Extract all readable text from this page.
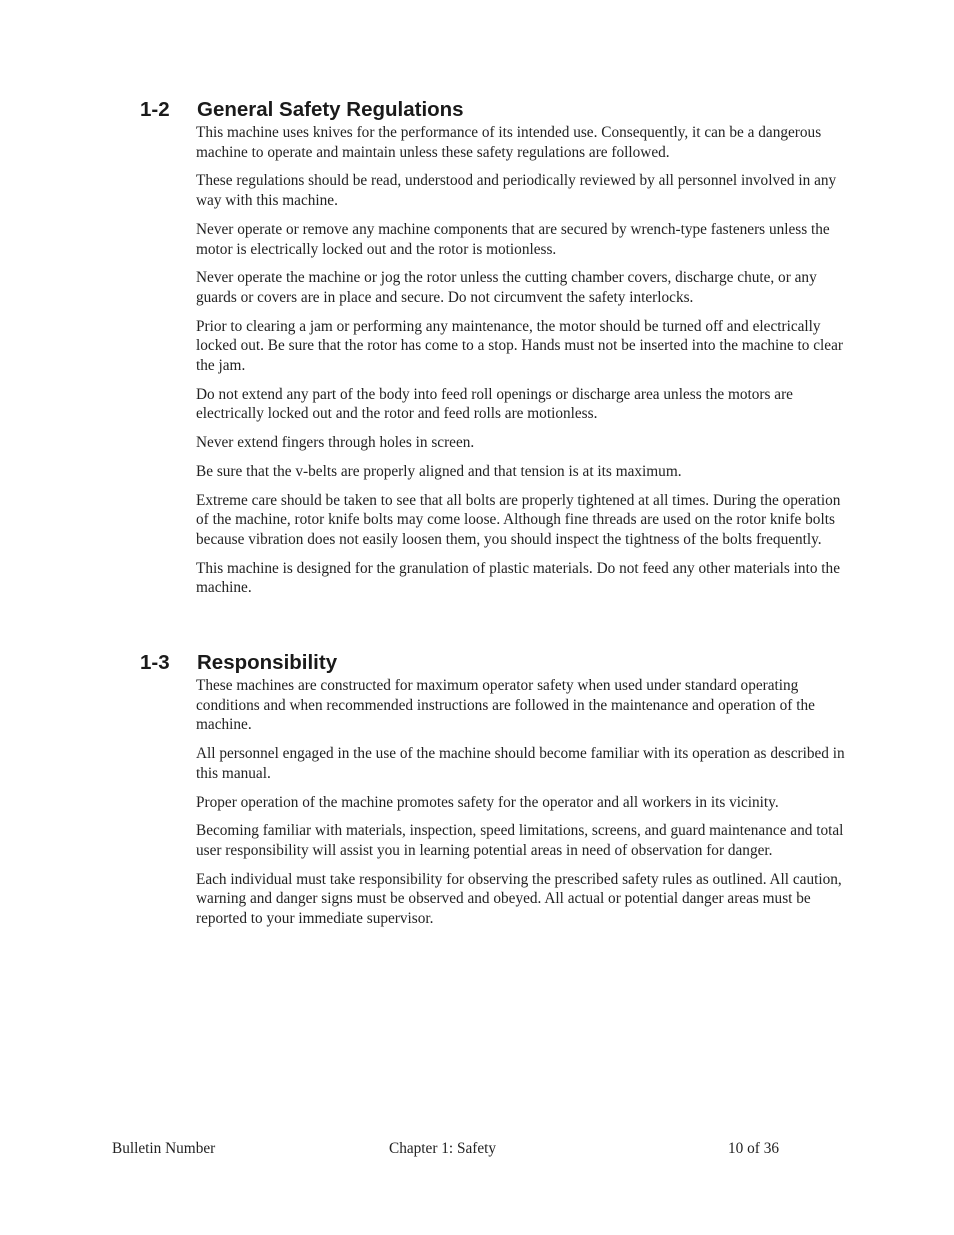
1-2	General Safety Regulations

This machine uses knives for the performance of its intended use. Consequently, it can be a dangerous machine to operate and maintain unless these safety regulations are followed.

These regulations should be read, understood and periodically reviewed by all personnel involved in any way with this machine.

Never operate or remove any machine components that are secured by wrench-type fasteners unless the motor is electrically locked out and the rotor is motionless.

Never operate the machine or jog the rotor unless the cutting chamber covers, discharge chute, or any guards or covers are in place and secure. Do not circumvent the safety interlocks.

Prior to clearing a jam or performing any maintenance, the motor should be turned off and electrically locked out. Be sure that the rotor has come to a stop. Hands must not be inserted into the machine to clear the jam.

Do not extend any part of the body into feed roll openings or discharge area unless the motors are electrically locked out and the rotor and feed rolls are motionless.

Never extend fingers through holes in screen.

Be sure that the v-belts are properly aligned and that tension is at its maximum.

Extreme care should be taken to see that all bolts are properly tightened at all times. During the operation of the machine, rotor knife bolts may come loose. Although fine threads are used on the rotor knife bolts because vibration does not easily loosen them, you should inspect the tightness of the bolts frequently.

This machine is designed for the granulation of plastic materials. Do not feed any other materials into the machine.

1-3	Responsibility

These machines are constructed for maximum operator safety when used under standard operating conditions and when recommended instructions are followed in the maintenance and operation of the machine.

All personnel engaged in the use of the machine should become familiar with its operation as described in this manual.

Proper operation of the machine promotes safety for the operator and all workers in its vicinity.

Becoming familiar with materials, inspection, speed limitations, screens, and guard maintenance and total user responsibility will assist you in learning potential areas in need of observation for danger.

Each individual must take responsibility for observing the prescribed safety rules as outlined. All caution, warning and danger signs must be observed and obeyed. All actual or potential danger areas must be reported to your immediate supervisor.

Bulletin Number	Chapter 1: Safety	10 of 36
